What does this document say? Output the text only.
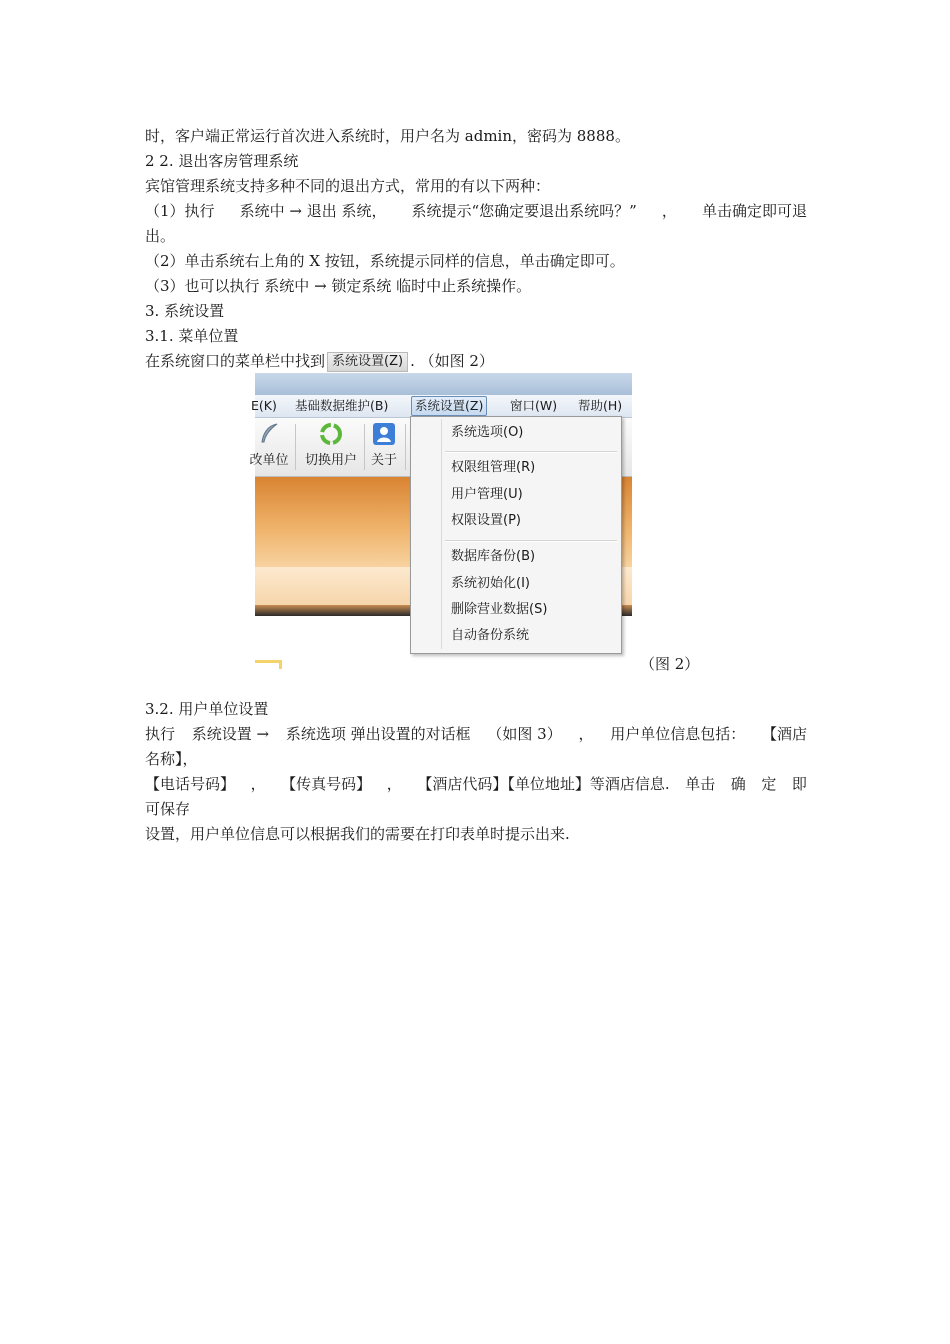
时，客户端正常运行首次进入系统时，用户名为 admin，密码为 8888。
2 2. 退出客房管理系统
宾馆管理系统支持多种不同的退出方式，常用的有以下两种：
（1）执行 系统中 → 退出 系统， 系统提示“您确定要退出系统吗？” ， 单击确定即可退
出。
（2）单击系统右上角的 X 按钮，系统提示同样的信息，单击确定即可。
（3）也可以执行 系统中 → 锁定系统 临时中止系统操作。
3. 系统设置
3.1. 菜单位置
在系统窗口的菜单栏中找到 系统设置(Z) . （如图 2）
E(K) 基础数据维护(B)	系统设置(Z)	窗口(W) 帮助(H)
改单位	切换用户	关于
系统选项(O)
权限组管理(R)
用户管理(U)
权限设置(P)
数据库备份(B)
系统初始化(I)
删除营业数据(S)
自动备份系统
（图 2）
3.2. 用户单位设置
执行 系统设置 → 系统选项 弹出设置的对话框 （如图 3） ， 用户单位信息包括： 【酒店
名称】，
【电话号码】 ， 【传真号码】 ， 【酒店代码】【单位地址】等酒店信息. 单击 确 定 即
可保存
设置，用户单位信息可以根据我们的需要在打印表单时提示出来.
